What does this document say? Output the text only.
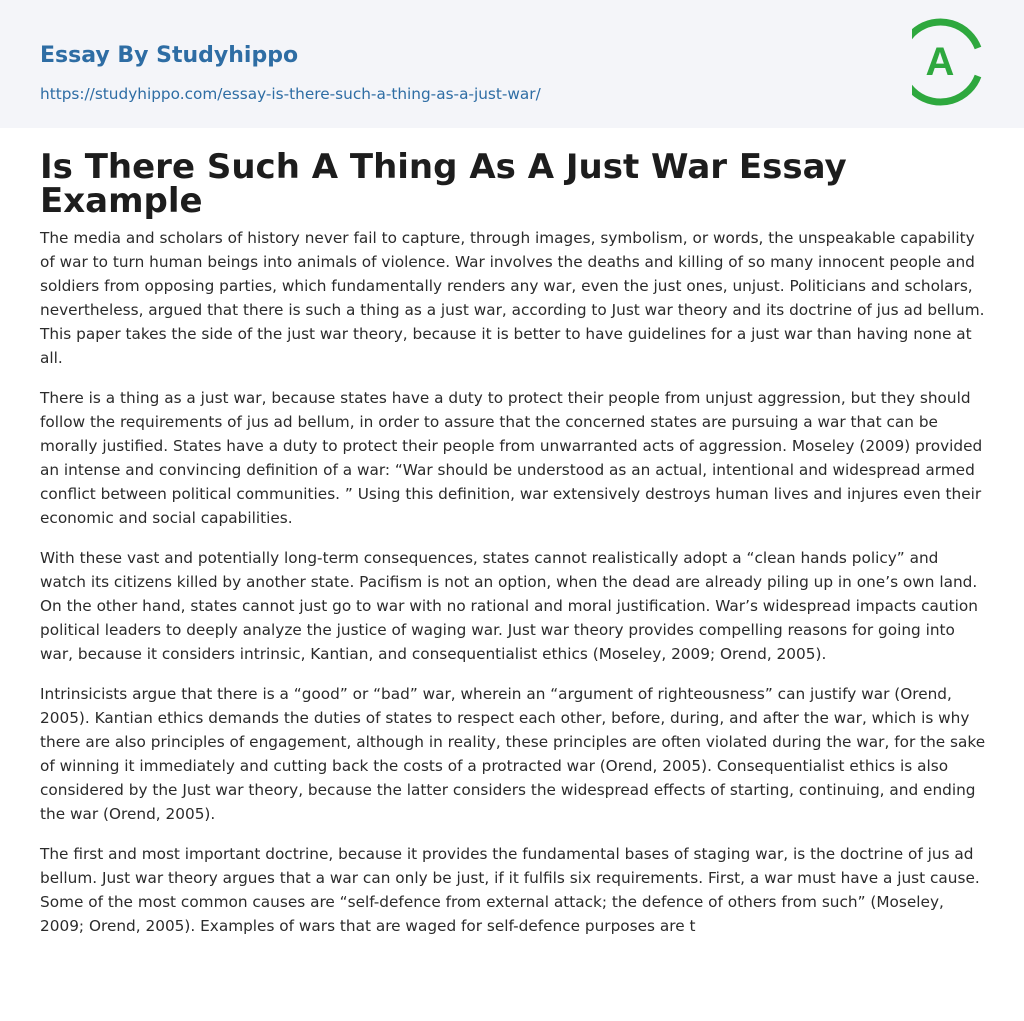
Essay By Studyhippo
https://studyhippo.com/essay-is-there-such-a-thing-as-a-just-war/
A
Is There Such A Thing As A Just War Essay Example

The media and scholars of history never fail to capture, through images, symbolism, or words, the unspeakable capability of war to turn human beings into animals of violence. War involves the deaths and killing of so many innocent people and soldiers from opposing parties, which fundamentally renders any war, even the just ones, unjust. Politicians and scholars, nevertheless, argued that there is such a thing as a just war, according to Just war theory and its doctrine of jus ad bellum. This paper takes the side of the just war theory, because it is better to have guidelines for a just war than having none at all.

There is a thing as a just war, because states have a duty to protect their people from unjust aggression, but they should follow the requirements of jus ad bellum, in order to assure that the concerned states are pursuing a war that can be morally justified. States have a duty to protect their people from unwarranted acts of aggression. Moseley (2009) provided an intense and convincing definition of a war: “War should be understood as an actual, intentional and widespread armed conflict between political communities. ” Using this definition, war extensively destroys human lives and injures even their economic and social capabilities.

With these vast and potentially long-term consequences, states cannot realistically adopt a “clean hands policy” and watch its citizens killed by another state. Pacifism is not an option, when the dead are already piling up in one’s own land. On the other hand, states cannot just go to war with no rational and moral justification. War’s widespread impacts caution political leaders to deeply analyze the justice of waging war. Just war theory provides compelling reasons for going into war, because it considers intrinsic, Kantian, and consequentialist ethics (Moseley, 2009; Orend, 2005).

Intrinsicists argue that there is a “good” or “bad” war, wherein an “argument of righteousness” can justify war (Orend, 2005). Kantian ethics demands the duties of states to respect each other, before, during, and after the war, which is why there are also principles of engagement, although in reality, these principles are often violated during the war, for the sake of winning it immediately and cutting back the costs of a protracted war (Orend, 2005). Consequentialist ethics is also considered by the Just war theory, because the latter considers the widespread effects of starting, continuing, and ending the war (Orend, 2005).

The first and most important doctrine, because it provides the fundamental bases of staging war, is the doctrine of jus ad bellum. Just war theory argues that a war can only be just, if it fulfils six requirements. First, a war must have a just cause. Some of the most common causes are “self-defence from external attack; the defence of others from such” (Moseley, 2009; Orend, 2005). Examples of wars that are waged for self-defence purposes are t
